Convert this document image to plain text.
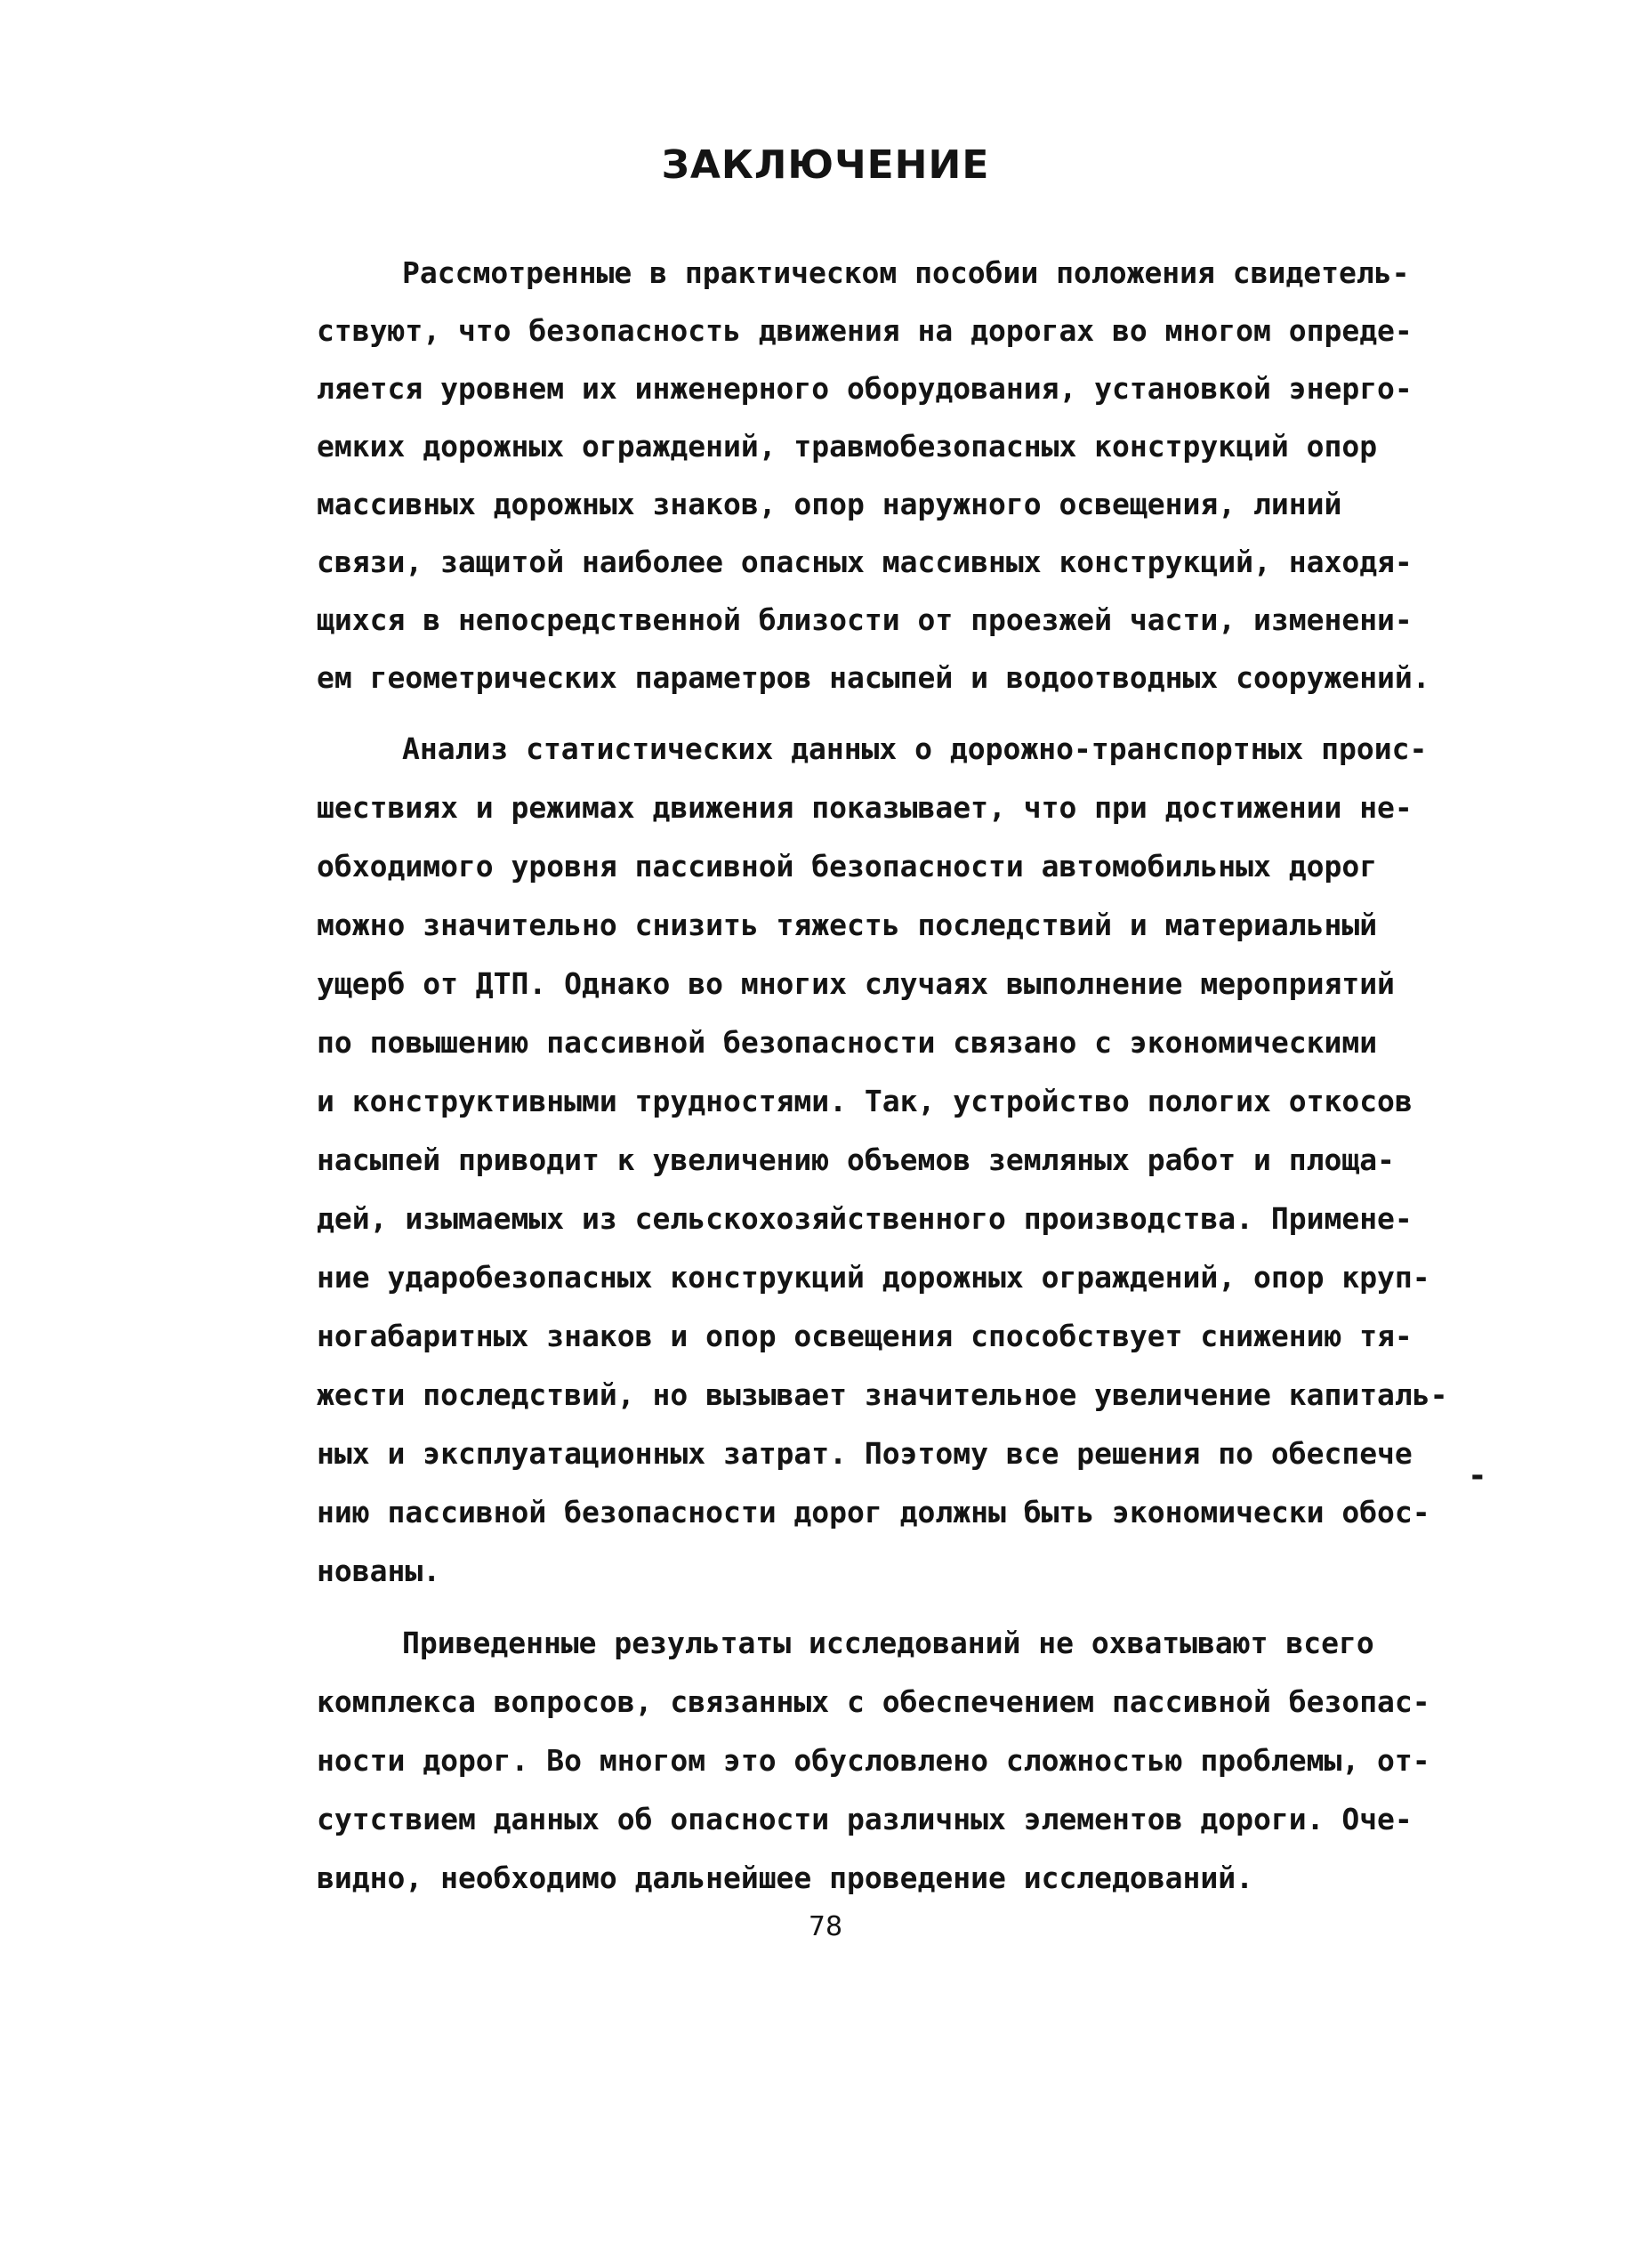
ЗАКЛЮЧЕНИЕ
Рассмотренные в практическом пособии положения свидетель-
ствуют, что безопасность движения на дорогах во многом опреде-
ляется уровнем их инженерного оборудования, установкой энерго-
емких дорожных ограждений, травмобезопасных конструкций опор
массивных дорожных знаков, опор наружного освещения, линий
связи, защитой наиболее опасных массивных конструкций, находя-
щихся в непосредственной близости от проезжей части, изменени-
ем геометрических параметров насыпей и водоотводных сооружений.
Анализ статистических данных о дорожно-транспортных проис-
шествиях и режимах движения показывает, что при достижении не-
обходимого уровня пассивной безопасности автомобильных дорог
можно значительно снизить тяжесть последствий и материальный
ущерб от ДТП. Однако во многих случаях выполнение мероприятий
по повышению пассивной безопасности связано с экономическими
и конструктивными трудностями. Так, устройство пологих откосов
насыпей приводит к увеличению объемов земляных работ и площа-
дей, изымаемых из сельскохозяйственного производства. Примене-
ние ударобезопасных конструкций дорожных ограждений, опор круп-
ногабаритных знаков и опор освещения способствует снижению тя-
жести последствий, но вызывает значительное увеличение капиталь-
ных и эксплуатационных затрат. Поэтому все решения по обеспече
-
нию пассивной безопасности дорог должны быть экономически обос-
нованы.
Приведенные результаты исследований не охватывают всего
комплекса вопросов, связанных с обеспечением пассивной безопас-
ности дорог. Во многом это обусловлено сложностью проблемы, от-
сутствием данных об опасности различных элементов дороги. Оче-
видно, необходимо дальнейшее проведение исследований.
78
